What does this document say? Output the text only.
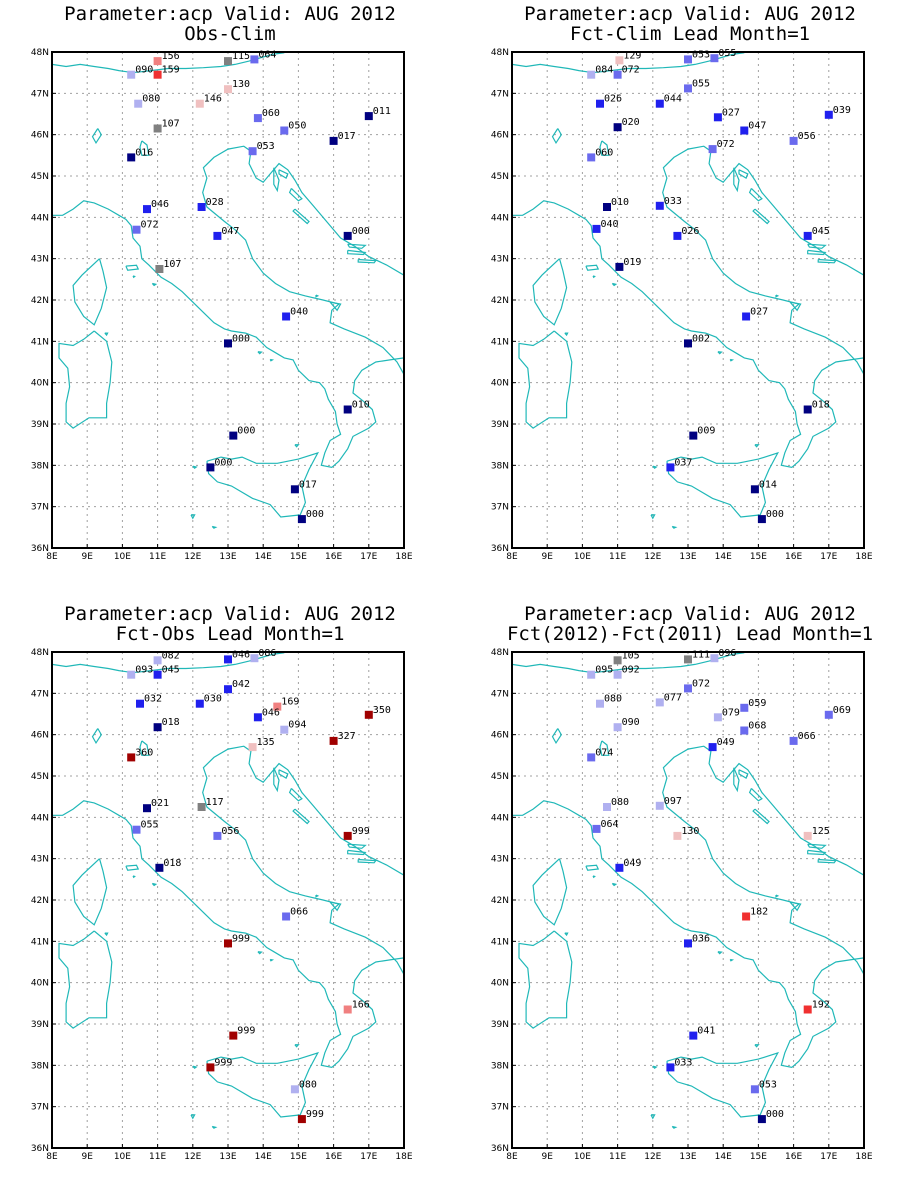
Parameter:acp Valid: AUG 2012
Obs-Clim
8E	9E 10E 11E 12E 13E 14E 15E 16E 17E 18E
36N
37N
38N
39N
40N
41N
42N
43N
44N
45N
46N
47N
48N	156	115 064
090 159
130
080	146
060	011
107	050
017
053
016
046	028
072
047	000
107
040
000
010
000
000
017
000
Parameter:acp Valid: AUG 2012
Fct-Clim Lead Month=1
8E	9E 10E 11E 12E 13E 14E 15E 16E 17E 18E
36N
37N
38N
39N
40N
41N
42N
43N
44N
45N
46N
47N
48N	129	053 055
084 072
055
026	044
027	039
020	047
056
072
060
010	033
040
026	045
019
027
002
018
009
037
014
000
Parameter:acp Valid: AUG 2012
Fct-Obs Lead Month=1
8E	9E 10E 11E 12E 13E 14E 15E 16E 17E 18E
36N
37N
38N
39N
40N
41N
42N
43N
44N
45N
46N
47N
48N	082	046 086
093 045
042
032	030	169
046	350
018	094
327
135
360
021	117
055
056	999
018
066
999
166
999
999
080
999
Parameter:acp Valid: AUG 2012
Fct(2012)-Fct(2011) Lead Month=1
8E	9E 10E 11E 12E 13E 14E 15E 16E 17E 18E
36N
37N
38N
39N
40N
41N
42N
43N
44N
45N
46N
47N
48N	105	111 096
095 092
072
080	077	059
079	069
090	068
066
049
074
080	097
064
130	125
049
182
036
192
041
033
053
000
